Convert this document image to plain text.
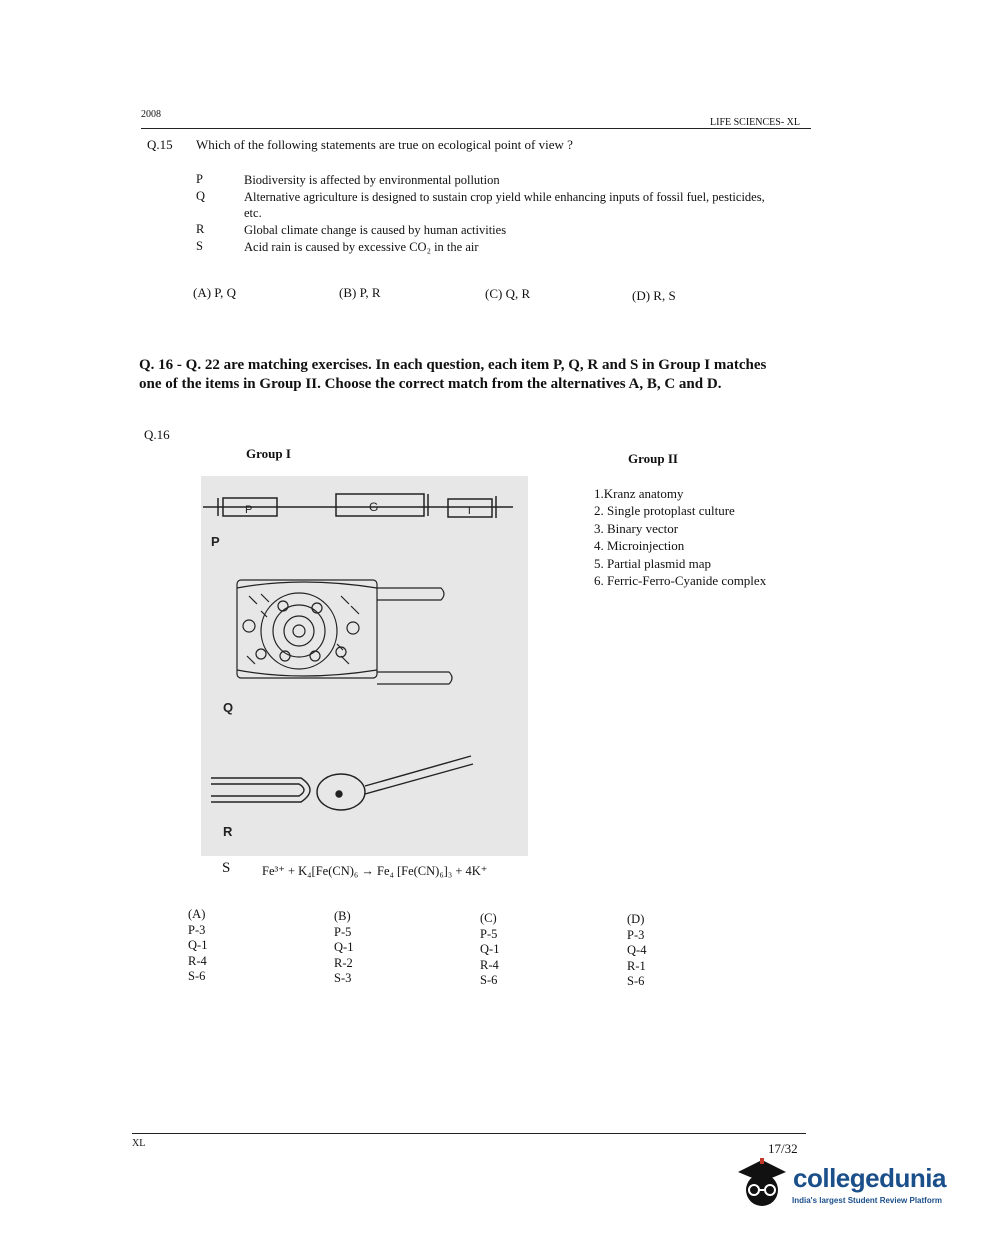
2008
LIFE SCIENCES- XL
Q.15 Which of the following statements are true on ecological point of view ?
P	Biodiversity is affected by environmental pollution
Q	Alternative agriculture is designed to sustain crop yield while enhancing inputs of fossil fuel, pesticides, etc.
R	Global climate change is caused by human activities
S	Acid rain is caused by excessive CO₂ in the air
(A) P, Q	(B) P, R	(C) Q, R	(D) R, S
Q. 16 - Q. 22 are matching exercises. In each question, each item P, Q, R and S in Group I matches one of the items in Group II. Choose the correct match from the alternatives A, B, C and D.
Q.16
Group I	Group II
1.Kranz anatomy
2. Single protoplast culture
3. Binary vector
4. Microinjection
5. Partial plasmid map
6. Ferric-Ferro-Cyanide complex
P	G	T
P
Q
R
S	Fe³⁺ + K₄[Fe(CN)₆ → Fe₄ [Fe(CN)₆]₃ + 4K⁺
(A)
P-3
Q-1
R-4
S-6
(B)
P-5
Q-1
R-2
S-3
(C)
P-5
Q-1
R-4
S-6
(D)
P-3
Q-4
R-1
S-6
XL	17/32
collegedunia
India's largest Student Review Platform
